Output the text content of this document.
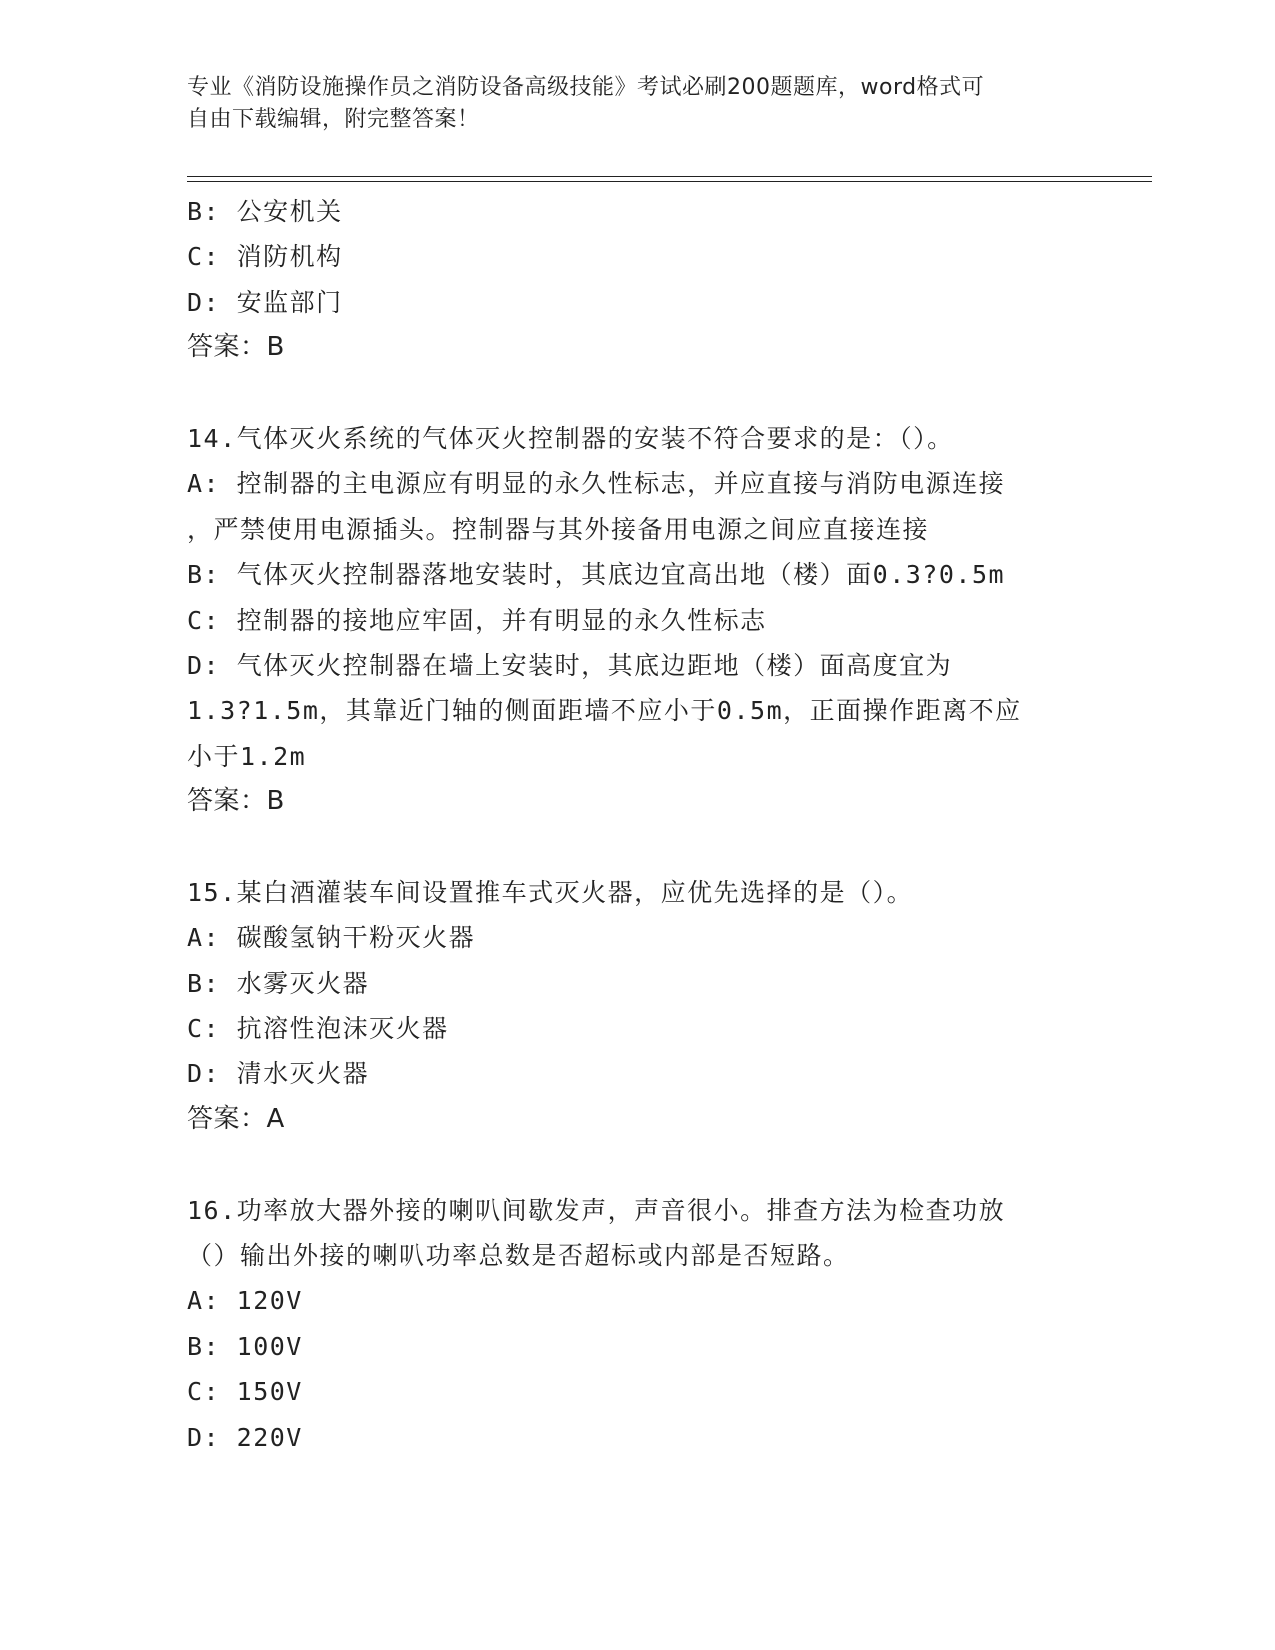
专业《消防设施操作员之消防设备高级技能》考试必刷200题题库，word格式可
自由下载编辑，附完整答案！
B: 公安机关
C: 消防机构
D: 安监部门
答案：B
14.气体灭火系统的气体灭火控制器的安装不符合要求的是：（）。
A: 控制器的主电源应有明显的永久性标志，并应直接与消防电源连接
，严禁使用电源插头。控制器与其外接备用电源之间应直接连接
B: 气体灭火控制器落地安装时，其底边宜高出地（楼）面0.3?0.5m
C: 控制器的接地应牢固，并有明显的永久性标志
D: 气体灭火控制器在墙上安装时，其底边距地（楼）面高度宜为
1.3?1.5m，其靠近门轴的侧面距墙不应小于0.5m，正面操作距离不应
小于1.2m
答案：B
15.某白酒灌装车间设置推车式灭火器，应优先选择的是（）。
A: 碳酸氢钠干粉灭火器
B: 水雾灭火器
C: 抗溶性泡沫灭火器
D: 清水灭火器
答案：A
16.功率放大器外接的喇叭间歇发声，声音很小。排查方法为检查功放
（）输出外接的喇叭功率总数是否超标或内部是否短路。
A: 120V
B: 100V
C: 150V
D: 220V
